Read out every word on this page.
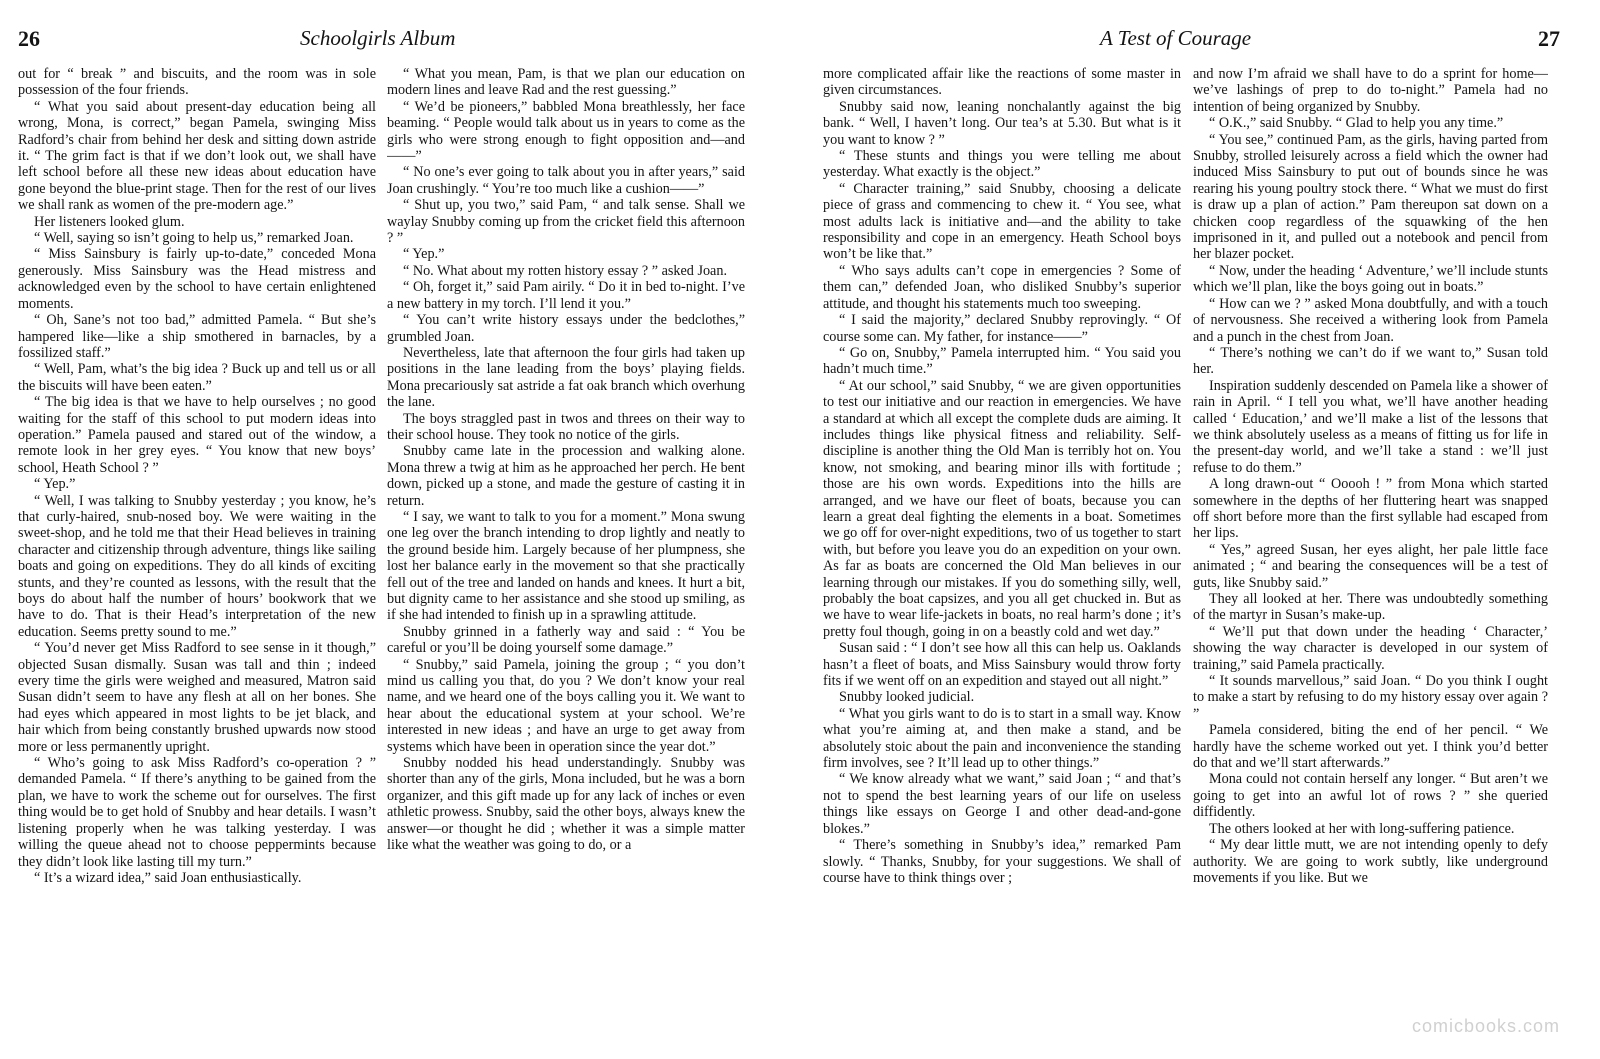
26	Schoolgirls Album

out for “ break ” and biscuits, and the room was in sole possession of the four friends.

“ What you said about present-day education being all wrong, Mona, is correct,” began Pamela, swinging Miss Radford’s chair from behind her desk and sitting down astride it. “ The grim fact is that if we don’t look out, we shall have left school before all these new ideas about education have gone beyond the blue-print stage. Then for the rest of our lives we shall rank as women of the pre-modern age.”

Her listeners looked glum.

“ Well, saying so isn’t going to help us,” remarked Joan.

“ Miss Sainsbury is fairly up-to-date,” conceded Mona generously. Miss Sainsbury was the Head mistress and acknowledged even by the school to have certain enlightened moments.

“ Oh, Sane’s not too bad,” admitted Pamela. “ But she’s hampered like—like a ship smothered in barnacles, by a fossilized staff.”

“ Well, Pam, what’s the big idea ? Buck up and tell us or all the biscuits will have been eaten.”

“ The big idea is that we have to help ourselves ; no good waiting for the staff of this school to put modern ideas into operation.” Pamela paused and stared out of the window, a remote look in her grey eyes. “ You know that new boys’ school, Heath School ? ”

“ Yep.”

“ Well, I was talking to Snubby yesterday ; you know, he’s that curly-haired, snub-nosed boy. We were waiting in the sweet-shop, and he told me that their Head believes in training character and citizenship through adventure, things like sailing boats and going on expeditions. They do all kinds of exciting stunts, and they’re counted as lessons, with the result that the boys do about half the number of hours’ bookwork that we have to do. That is their Head’s interpretation of the new education. Seems pretty sound to me.”

“ You’d never get Miss Radford to see sense in it though,” objected Susan dismally. Susan was tall and thin ; indeed every time the girls were weighed and measured, Matron said Susan didn’t seem to have any flesh at all on her bones. She had eyes which appeared in most lights to be jet black, and hair which from being constantly brushed upwards now stood more or less permanently upright.

“ Who’s going to ask Miss Radford’s co-operation ? ” demanded Pamela. “ If there’s anything to be gained from the plan, we have to work the scheme out for ourselves. The first thing would be to get hold of Snubby and hear details. I wasn’t listening properly when he was talking yesterday. I was willing the queue ahead not to choose peppermints because they didn’t look like lasting till my turn.”

“ It’s a wizard idea,” said Joan enthusiastically.

“ What you mean, Pam, is that we plan our education on modern lines and leave Rad and the rest guessing.”

“ We’d be pioneers,” babbled Mona breathlessly, her face beaming. “ People would talk about us in years to come as the girls who were strong enough to fight opposition and—and——”

“ No one’s ever going to talk about you in after years,” said Joan crushingly. “ You’re too much like a cushion——”

“ Shut up, you two,” said Pam, “ and talk sense. Shall we waylay Snubby coming up from the cricket field this afternoon ? ”

“ Yep.”

“ No. What about my rotten history essay ? ” asked Joan.

“ Oh, forget it,” said Pam airily. “ Do it in bed to-night. I’ve a new battery in my torch. I’ll lend it you.”

“ You can’t write history essays under the bedclothes,” grumbled Joan.

Nevertheless, late that afternoon the four girls had taken up positions in the lane leading from the boys’ playing fields. Mona precariously sat astride a fat oak branch which overhung the lane.

The boys straggled past in twos and threes on their way to their school house. They took no notice of the girls.

Snubby came late in the procession and walking alone. Mona threw a twig at him as he approached her perch. He bent down, picked up a stone, and made the gesture of casting it in return.

“ I say, we want to talk to you for a moment.” Mona swung one leg over the branch intending to drop lightly and neatly to the ground beside him. Largely because of her plumpness, she lost her balance early in the movement so that she practically fell out of the tree and landed on hands and knees. It hurt a bit, but dignity came to her assistance and she stood up smiling, as if she had intended to finish up in a sprawling attitude.

Snubby grinned in a fatherly way and said : “ You be careful or you’ll be doing yourself some damage.”

“ Snubby,” said Pamela, joining the group ; “ you don’t mind us calling you that, do you ? We don’t know your real name, and we heard one of the boys calling you it. We want to hear about the educational system at your school. We’re interested in new ideas ; and have an urge to get away from systems which have been in operation since the year dot.”

Snubby nodded his head understandingly. Snubby was shorter than any of the girls, Mona included, but he was a born organizer, and this gift made up for any lack of inches or even athletic prowess. Snubby, said the other boys, always knew the answer—or thought he did ; whether it was a simple matter like what the weather was going to do, or a

A Test of Courage	27

more complicated affair like the reactions of some master in given circumstances.

Snubby said now, leaning nonchalantly against the big bank. “ Well, I haven’t long. Our tea’s at 5.30. But what is it you want to know ? ”

“ These stunts and things you were telling me about yesterday. What exactly is the object.”

“ Character training,” said Snubby, choosing a delicate piece of grass and commencing to chew it. “ You see, what most adults lack is initiative and—and the ability to take responsibility and cope in an emergency. Heath School boys won’t be like that.”

“ Who says adults can’t cope in emergencies ? Some of them can,” defended Joan, who disliked Snubby’s superior attitude, and thought his statements much too sweeping.

“ I said the majority,” declared Snubby reprovingly. “ Of course some can. My father, for instance——”

“ Go on, Snubby,” Pamela interrupted him. “ You said you hadn’t much time.”

“ At our school,” said Snubby, “ we are given opportunities to test our initiative and our reaction in emergencies. We have a standard at which all except the complete duds are aiming. It includes things like physical fitness and reliability. Self-discipline is another thing the Old Man is terribly hot on. You know, not smoking, and bearing minor ills with fortitude ; those are his own words. Expeditions into the hills are arranged, and we have our fleet of boats, because you can learn a great deal fighting the elements in a boat. Sometimes we go off for over-night expeditions, two of us together to start with, but before you leave you do an expedition on your own. As far as boats are concerned the Old Man believes in our learning through our mistakes. If you do something silly, well, probably the boat capsizes, and you all get chucked in. But as we have to wear life-jackets in boats, no real harm’s done ; it’s pretty foul though, going in on a beastly cold and wet day.”

Susan said : “ I don’t see how all this can help us. Oaklands hasn’t a fleet of boats, and Miss Sainsbury would throw forty fits if we went off on an expedition and stayed out all night.”

Snubby looked judicial.

“ What you girls want to do is to start in a small way. Know what you’re aiming at, and then make a stand, and be absolutely stoic about the pain and inconvenience the standing firm involves, see ? It’ll lead up to other things.”

“ We know already what we want,” said Joan ; “ and that’s not to spend the best learning years of our life on useless things like essays on George I and other dead-and-gone blokes.”

“ There’s something in Snubby’s idea,” remarked Pam slowly. “ Thanks, Snubby, for your suggestions. We shall of course have to think things over ;

and now I’m afraid we shall have to do a sprint for home—we’ve lashings of prep to do to-night.” Pamela had no intention of being organized by Snubby.

“ O.K.,” said Snubby. “ Glad to help you any time.”

“ You see,” continued Pam, as the girls, having parted from Snubby, strolled leisurely across a field which the owner had induced Miss Sainsbury to put out of bounds since he was rearing his young poultry stock there. “ What we must do first is draw up a plan of action.” Pam thereupon sat down on a chicken coop regardless of the squawking of the hen imprisoned in it, and pulled out a notebook and pencil from her blazer pocket.

“ Now, under the heading ‘ Adventure,’ we’ll include stunts which we’ll plan, like the boys going out in boats.”

“ How can we ? ” asked Mona doubtfully, and with a touch of nervousness. She received a withering look from Pamela and a punch in the chest from Joan.

“ There’s nothing we can’t do if we want to,” Susan told her.

Inspiration suddenly descended on Pamela like a shower of rain in April. “ I tell you what, we’ll have another heading called ‘ Education,’ and we’ll make a list of the lessons that we think absolutely useless as a means of fitting us for life in the present-day world, and we’ll take a stand : we’ll just refuse to do them.”

A long drawn-out “ Ooooh ! ” from Mona which started somewhere in the depths of her fluttering heart was snapped off short before more than the first syllable had escaped from her lips.

“ Yes,” agreed Susan, her eyes alight, her pale little face animated ; “ and bearing the consequences will be a test of guts, like Snubby said.”

They all looked at her. There was undoubtedly something of the martyr in Susan’s make-up.

“ We’ll put that down under the heading ‘ Character,’ showing the way character is developed in our system of training,” said Pamela practically.

“ It sounds marvellous,” said Joan. “ Do you think I ought to make a start by refusing to do my history essay over again ? ”

Pamela considered, biting the end of her pencil. “ We hardly have the scheme worked out yet. I think you’d better do that and we’ll start afterwards.”

Mona could not contain herself any longer. “ But aren’t we going to get into an awful lot of rows ? ” she queried diffidently.

The others looked at her with long-suffering patience.

“ My dear little mutt, we are not intending openly to defy authority. We are going to work subtly, like underground movements if you like. But we

comicbooks.com
